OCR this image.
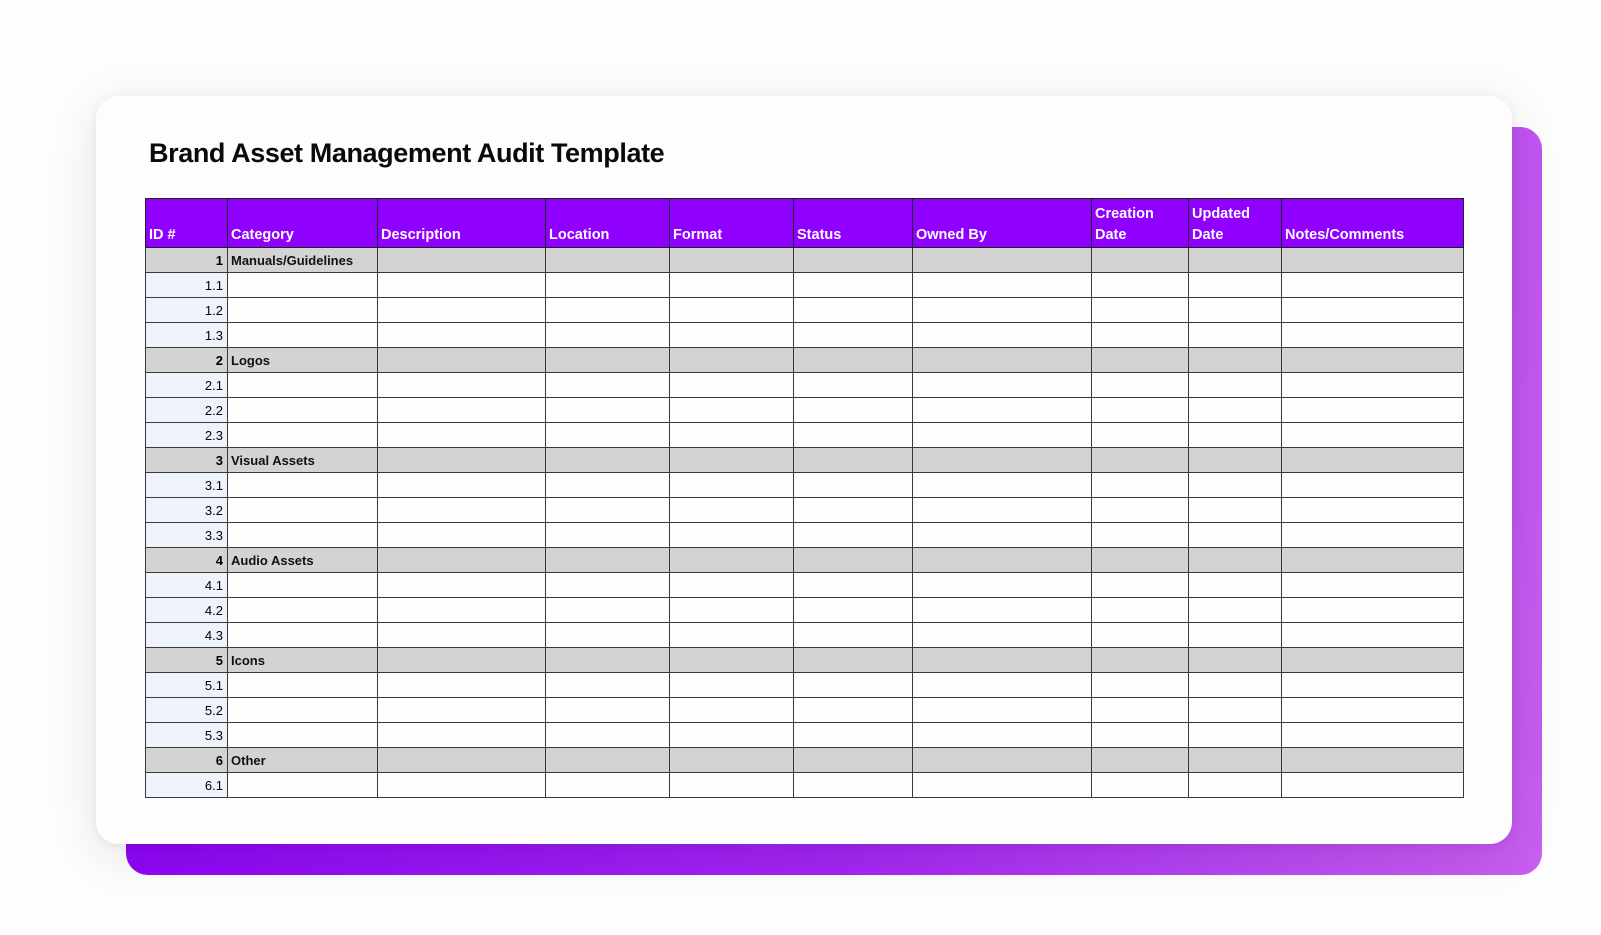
Brand Asset Management Audit Template
ID #	Category	Description	Location	Format	Status	Owned By	Creation Date	Updated Date	Notes/Comments
1	Manuals/Guidelines								
1.1									
1.2									
1.3									
2	Logos								
2.1									
2.2									
2.3									
3	Visual Assets								
3.1									
3.2									
3.3									
4	Audio Assets								
4.1									
4.2									
4.3									
5	Icons								
5.1									
5.2									
5.3									
6	Other								
6.1									
